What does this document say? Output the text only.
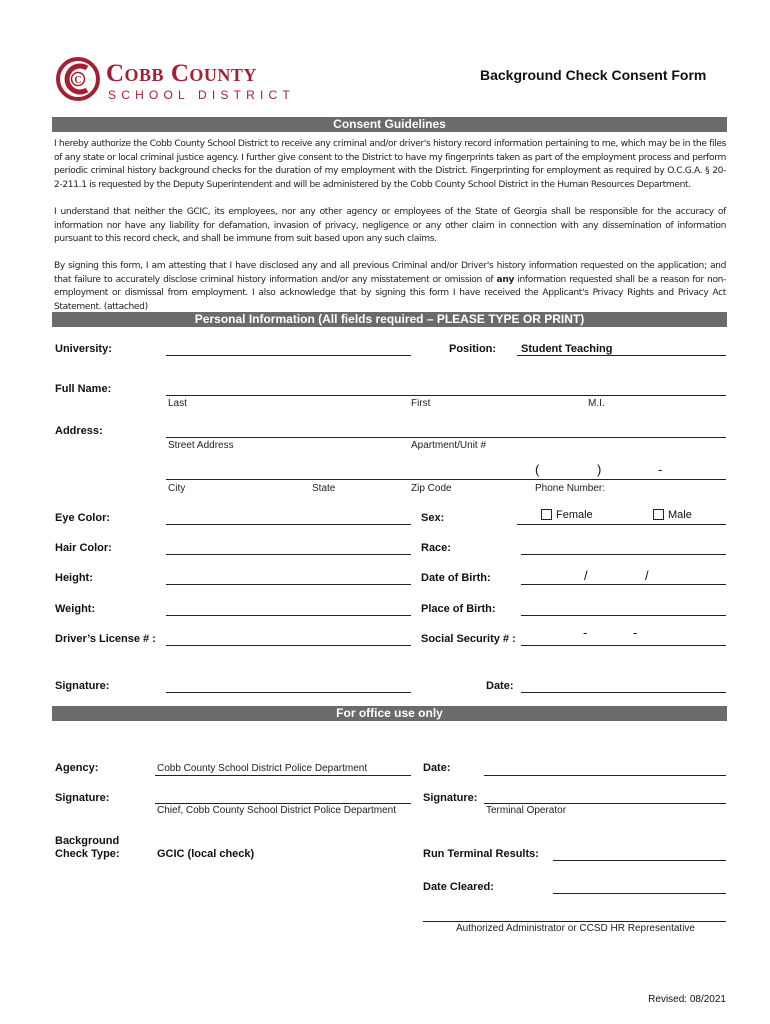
C Cobb County
SCHOOL DISTRICT
Background Check Consent Form
Consent Guidelines
I hereby authorize the Cobb County School District to receive any criminal and/or driver's history record information pertaining to me, which may be in the files of any state or local criminal justice agency. I further give consent to the District to have my fingerprints taken as part of the employment process and perform periodic criminal history background checks for the duration of my employment with the District. Fingerprinting for employment as required by O.C.G.A. § 20-2-211.1 is requested by the Deputy Superintendent and will be administered by the Cobb County School District in the Human Resources Department.
I understand that neither the GCIC, its employees, nor any other agency or employees of the State of Georgia shall be responsible for the accuracy of information nor have any liability for defamation, invasion of privacy, negligence or any other claim in connection with any dissemination of information pursuant to this record check, and shall be immune from suit based upon any such claims.
By signing this form, I am attesting that I have disclosed any and all previous Criminal and/or Driver's history information requested on the application; and that failure to accurately disclose criminal history information and/or any misstatement or omission of any information requested shall be a reason for non-employment or dismissal from employment. I also acknowledge that by signing this form I have received the Applicant's Privacy Rights and Privacy Act Statement. (attached)
Personal Information (All fields required – PLEASE TYPE OR PRINT)
University:	Position: Student Teaching
Full Name:
Last	First	M.I.
Address:
Street Address	Apartment/Unit #
(	)	-
City	State	Zip Code	Phone Number:
Eye Color:	Sex:	Female	Male
Hair Color:	Race:
Height:	Date of Birth:	/	/
Weight:	Place of Birth:
Driver’s License # :	Social Security # :	-	-
Signature:	Date:
For office use only
Agency:	Cobb County School District Police Department	Date:
Signature:
Chief, Cobb County School District Police Department
Signature:
Terminal Operator
Background
Check Type:	GCIC (local check)	Run Terminal Results:
Date Cleared:
Authorized Administrator or CCSD HR Representative
Revised: 08/2021
